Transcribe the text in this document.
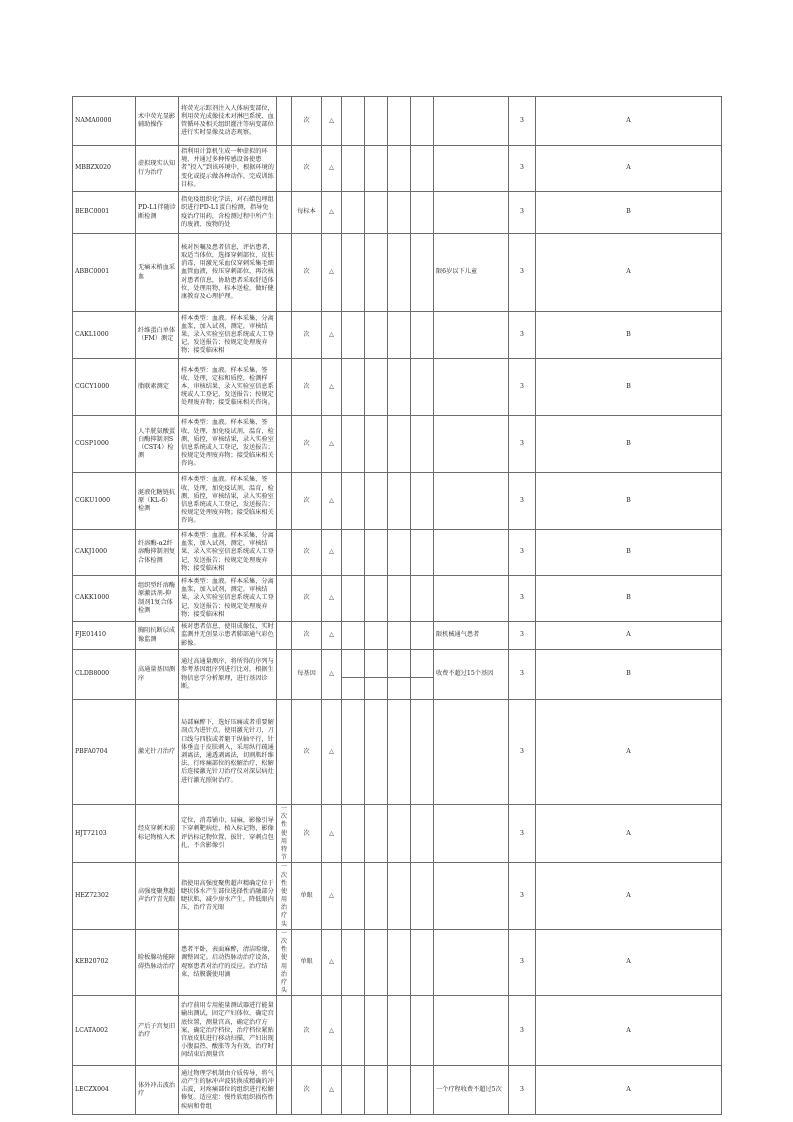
NAMA0000	术中荧光显影辅助操作	将荧光示踪剂注入人体病变部位，利用荧光成像技术对淋巴系统、血管循环及相关组织灌注等病变部位进行实时显像及动态观察。		次	△						3	A
MBBZX020	虚拟现实认知行为治疗	指利用计算机生成一种虚拟的环境，并通过多种传感设备使患者“投入”到该环境中，根据环境的变化或提示做各种动作，完成训练目标。		次	△						3	A
BEBC0001	PD-L1伴随诊断检测	指免疫组织化学法，对石蜡包埋组织进行PD-L1蛋白检测，指导免疫治疗用药，含检测过程中所产生的废液、废物的处		每标本	△						3	B
ABBC0001	无痛末梢血采血	核对医嘱及患者信息，评估患者，取适当体位，选择穿刺部位，皮肤消毒，用激光采血仪穿刺采集毛细血管血液，按压穿刺部位，再次核对患者信息，协助患者采取舒适体位，处理用物，标本送检，做好健康教育及心理护理。		次	△					限6岁以下儿童	3	A
CAKL1000	纤维蛋白单体（FM）测定	样本类型：血液。样本采集，分离血浆，加入试剂，测定，审核结果，录入实验室信息系统或人工登记，发送报告；按规定处理废弃物；接受临床相		次	△						3	B
CGCY1000	脂联素测定	样本类型：血液。样本采集、签收、处理，定标和质控，检测样本，审核结果，录入实验室信息系统或人工登记，发送报告；按规定处理废弃物；接受临床相关咨询。		次	△						3	B
CGSP1000	人半胱氨酸蛋白酶抑制剂S（CST4）检测	样本类型：血液。样本采集、签收、处理，加免疫试剂，温育，检测，质控，审核结果，录入实验室信息系统或人工登记，发送报告；按规定处理废弃物；接受临床相关咨询。		次	△						3	B
CGKU1000	涎液化糖链抗原（KL-6）检测	样本类型：血液。样本采集、签收、处理，加免疫试剂，温育，检测，质控，审核结果，录入实验室信息系统或人工登记，发送报告；按规定处理废弃物；接受临床相关咨询。		次	△						3	B
CAKJ1000	纤溶酶-α2纤溶酶抑制剂复合体检测	样本类型：血液。样本采集，分离血浆，加入试剂，测定，审核结果，录入实验室信息系统或人工登记，发送报告；按规定处理废弃物；接受临床相		次	△						3	B
CAKK1000	组织型纤溶酶原激活剂-抑制剂1复合体检测	样本类型：血液。样本采集，分离血浆，加入试剂，测定，审核结果，录入实验室信息系统或人工登记，发送报告；按规定处理废弃物；接受临床相		次	△						3	B
FJE01410	胸阻抗断层成像监测	核对患者信息，使用成像仪，实时监测并无创显示患者肺部通气彩色影像。		次	△					限机械通气患者	3	A
CLDB8000	高通量基因测序	通过高通量测序，将所得的序列与参考基因组序列进行比对，根据生物信息学分析原理，进行基因诊断。		每基因	△					收费不超过15个基因	3	B
PBFA0704	激光针刀治疗	局部麻醉下，选好压痛或者重要解剖点为进针点，使用激光针刀，刀口线与四肢或者躯干纵轴平行，针体垂直于皮肤刺入，采用纵行疏通剥离法，通透剥离法，切割肌纤维法，行疼痛部位的松解治疗，松解后连接激光针刀治疗仪对深层病灶进行激光照射治疗。		次	△						3	A
HJT72103	经皮穿刺术前标记物植入术	定位，消毒铺巾，局麻，影像引导下穿刺靶病灶，植入标记物，影像评估标记物位置，拔针，穿刺点包扎，不含影像引	一次性使用特节	次	△						3	A
HEZ72302	高强度聚焦超声治疗青光眼	指使用高强度聚焦超声精确定位于睫状体水产生部位选择性消融部分睫状肌，减少房水产生，降低眼内压，治疗青光眼	一次性使用治疗头	单眼	△						3	A
KEB20702	睑板腺功能障碍热脉动治疗	患者平卧，表面麻醉，清洁睑缘，调整固定。启动热脉动治疗设备，观察患者对治疗的反应。治疗结束，结膜囊使用滴	一次性使用治疗头	单眼	△						3	A
LCATA002	产后子宫复旧治疗	治疗前用专用能量测试器进行能量输出测试，固定产妇体位，确定宫底位置，测量宫高，确定治疗方案，确定治疗档位，治疗档位紧贴宫底皮肤进行移动扫描，产妇出现小腹温热、酸胀等为有效，治疗时间结束后测量宫		次	△						3	A
LECZX004	体外冲击波治疗	通过物理学机制由介质传导，将气动产生的脉冲声波转换成精确的冲击波，对疼痛部位的组织进行松解修复。适应症：慢性软组织损伤性疾病和骨组		次	△					一个疗程收费不超过5次	3	A
